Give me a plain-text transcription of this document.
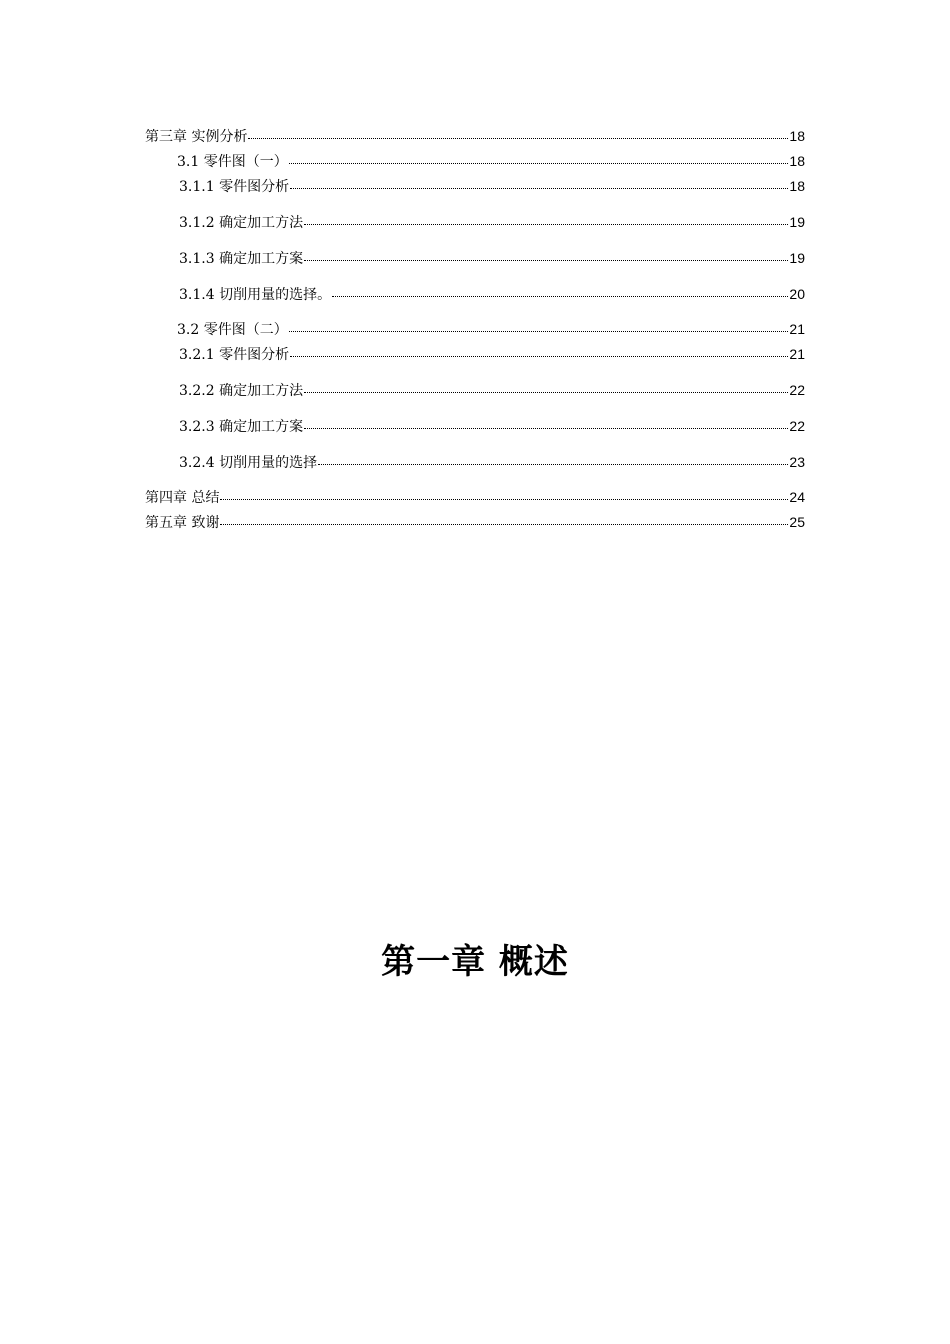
第三章 实例分析	18
3.1 零件图（一）	18
3.1.1 零件图分析	18
3.1.2 确定加工方法	19
3.1.3 确定加工方案	19
3.1.4 切削用量的选择。	20
3.2 零件图（二）	21
3.2.1 零件图分析	21
3.2.2 确定加工方法	22
3.2.3 确定加工方案	22
3.2.4 切削用量的选择	23
第四章 总结	24
第五章 致谢	25
第一章 概述
